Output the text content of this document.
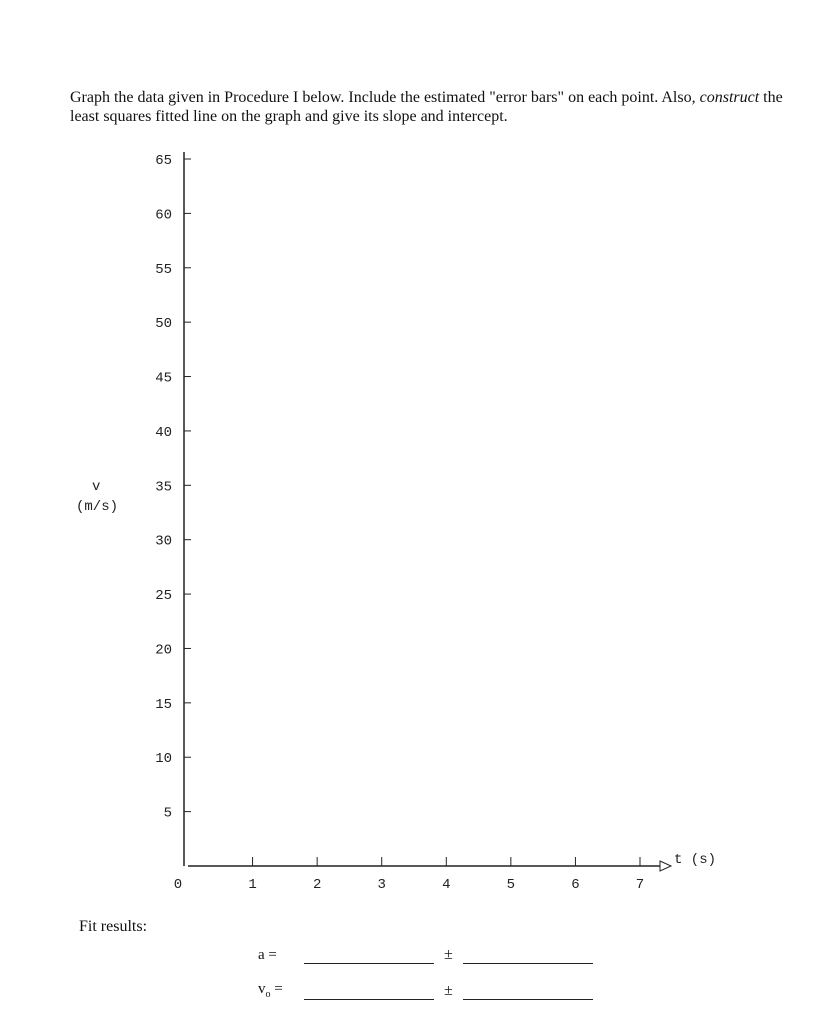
Graph the data given in Procedure I below. Include the estimated "error bars" on each point. Also, construct the least squares fitted line on the graph and give its slope and intercept.
5
10
15
20
25
30
35
40
45
50
55
60
65
0	1	2	3	4	5	6	7
t (s)
v
(m/s)
Fit results:
a =	±
$v_o$ =	±
